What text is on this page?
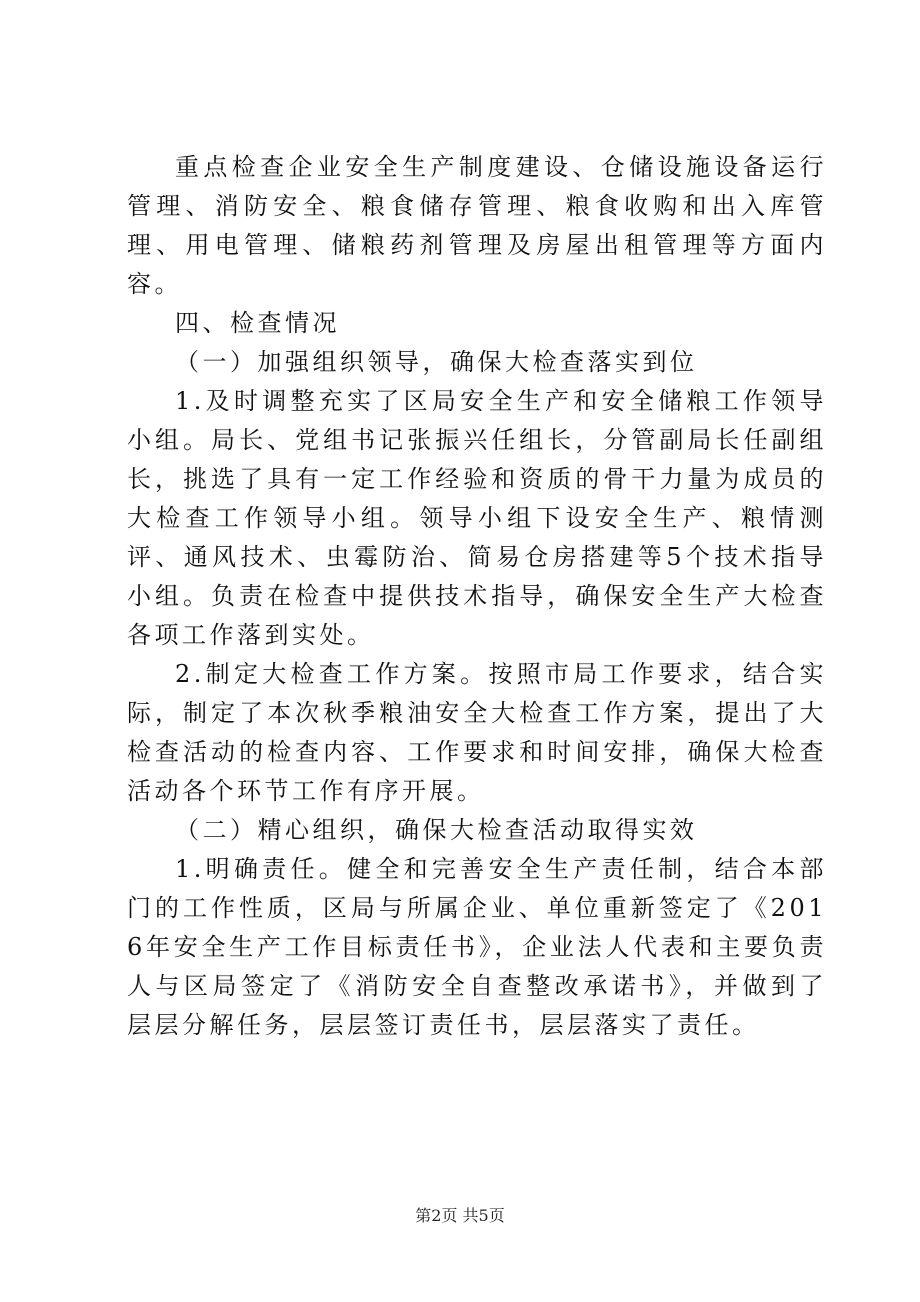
重点检查企业安全生产制度建设、仓储设施设备运行管理、消防安全、粮食储存管理、粮食收购和出入库管理、用电管理、储粮药剂管理及房屋出租管理等方面内容。

四、检查情况

（一）加强组织领导，确保大检查落实到位

1.及时调整充实了区局安全生产和安全储粮工作领导小组。局长、党组书记张振兴任组长，分管副局长任副组长，挑选了具有一定工作经验和资质的骨干力量为成员的大检查工作领导小组。领导小组下设安全生产、粮情测评、通风技术、虫霉防治、简易仓房搭建等5个技术指导小组。负责在检查中提供技术指导，确保安全生产大检查各项工作落到实处。

2.制定大检查工作方案。按照市局工作要求，结合实际，制定了本次秋季粮油安全大检查工作方案，提出了大检查活动的检查内容、工作要求和时间安排，确保大检查活动各个环节工作有序开展。

（二）精心组织，确保大检查活动取得实效

1.明确责任。健全和完善安全生产责任制，结合本部门的工作性质，区局与所属企业、单位重新签定了《2016年安全生产工作目标责任书》，企业法人代表和主要负责人与区局签定了《消防安全自查整改承诺书》，并做到了层层分解任务，层层签订责任书，层层落实了责任。

第2页 共5页
